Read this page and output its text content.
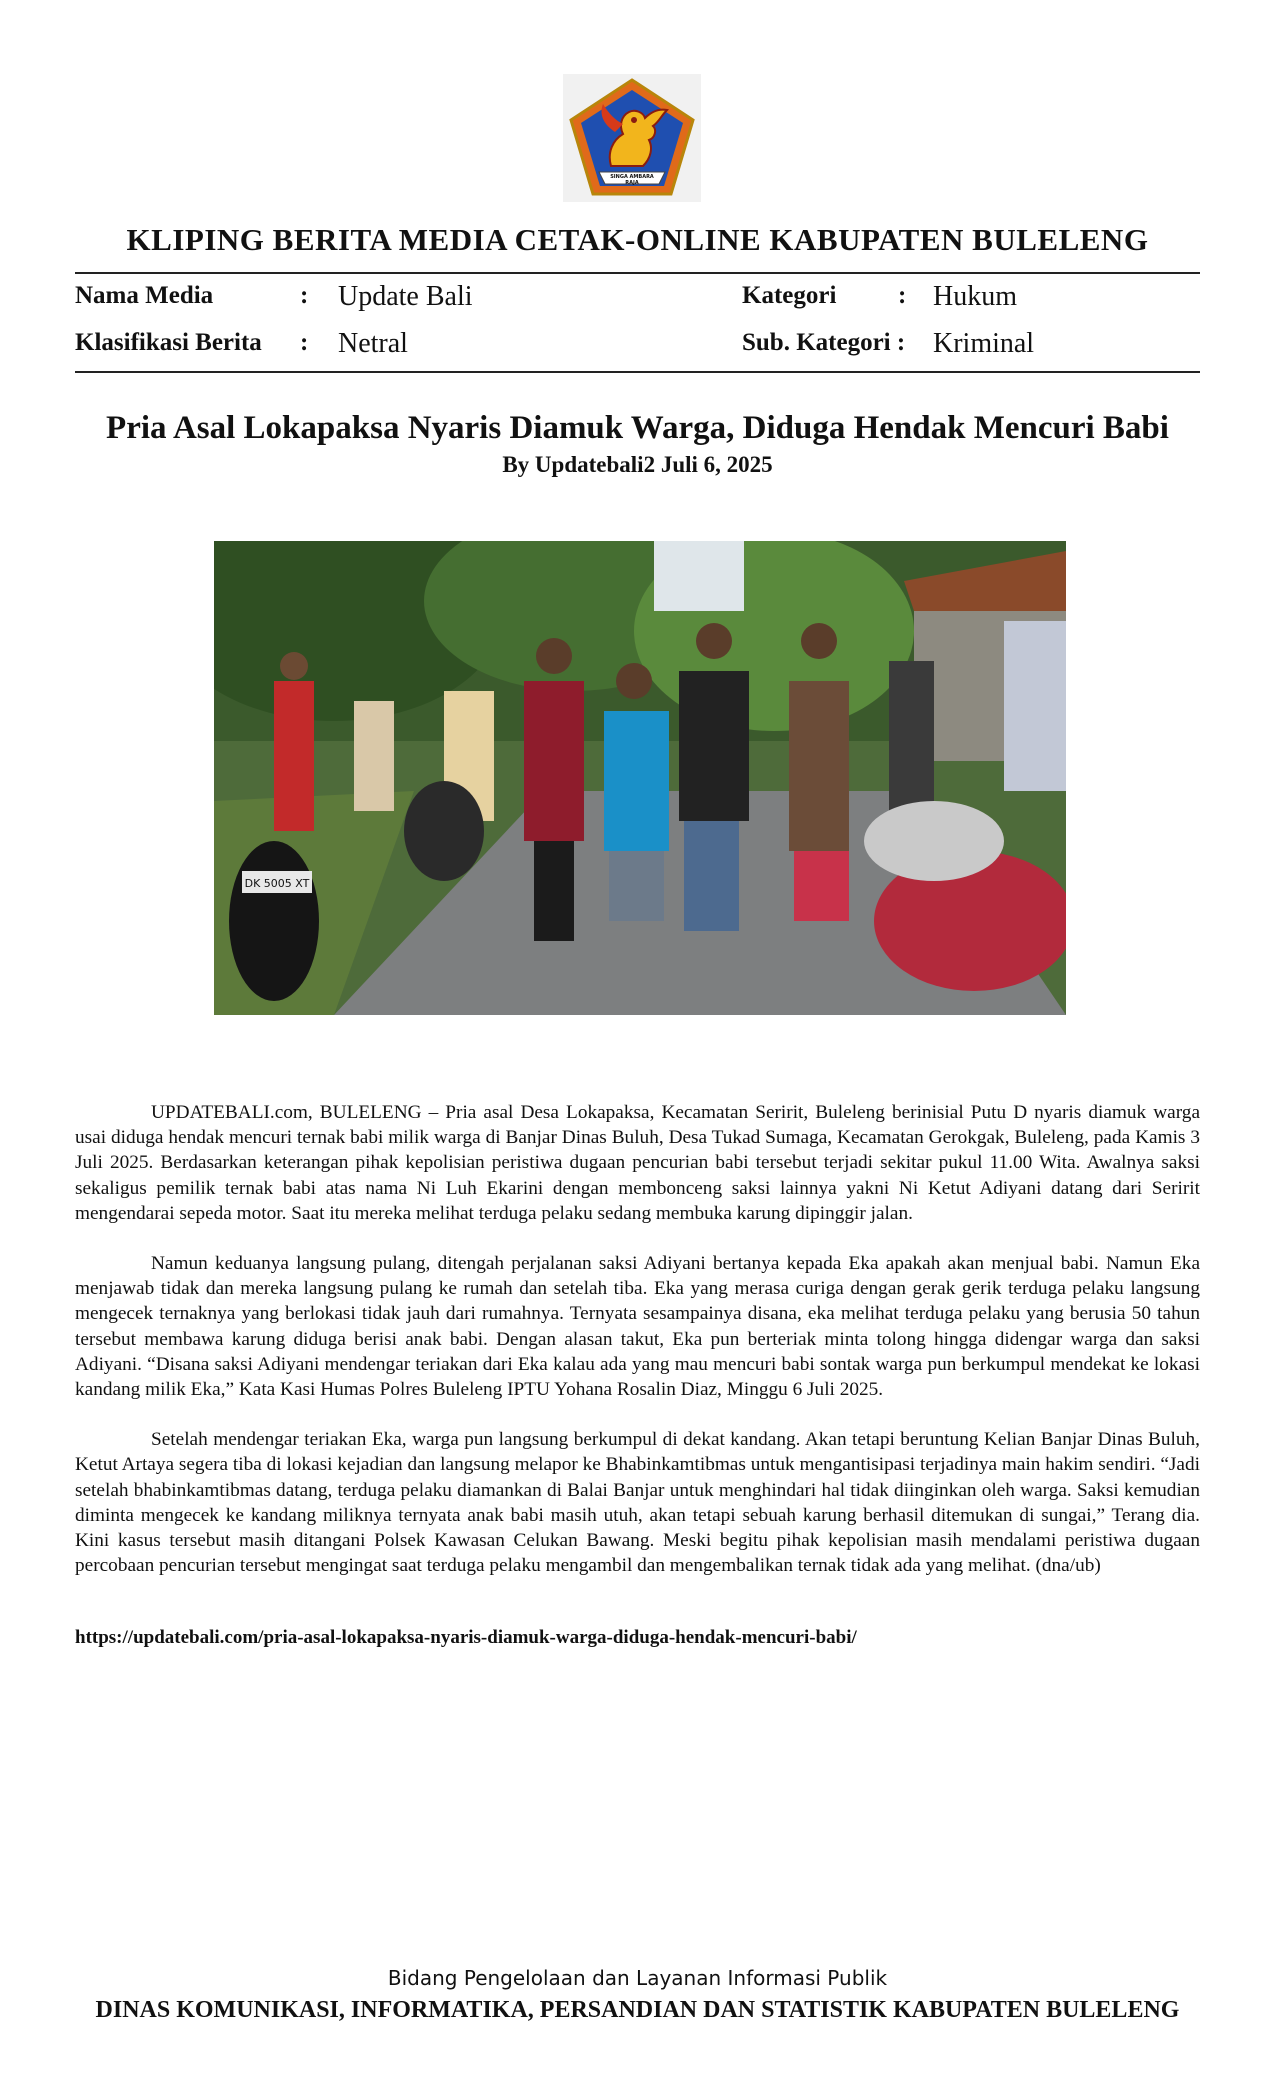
SINGA AMBARA RAJA
KLIPING BERITA MEDIA CETAK-ONLINE KABUPATEN BULELENG
Nama Media	: Update Bali
Klasifikasi Berita : Netral
Kategori : Hukum
Sub. Kategori : Kriminal
Pria Asal Lokapaksa Nyaris Diamuk Warga, Diduga Hendak Mencuri Babi
By Updatebali2 Juli 6, 2025
DK 5005 XT

UPDATEBALI.com, BULELENG – Pria asal Desa Lokapaksa, Kecamatan Seririt, Buleleng berinisial Putu D nyaris diamuk warga usai diduga hendak mencuri ternak babi milik warga di Banjar Dinas Buluh, Desa Tukad Sumaga, Kecamatan Gerokgak, Buleleng, pada Kamis 3 Juli 2025. Berdasarkan keterangan pihak kepolisian peristiwa dugaan pencurian babi tersebut terjadi sekitar pukul 11.00 Wita. Awalnya saksi sekaligus pemilik ternak babi atas nama Ni Luh Ekarini dengan membonceng saksi lainnya yakni Ni Ketut Adiyani datang dari Seririt mengendarai sepeda motor. Saat itu mereka melihat terduga pelaku sedang membuka karung dipinggir jalan.

Namun keduanya langsung pulang, ditengah perjalanan saksi Adiyani bertanya kepada Eka apakah akan menjual babi. Namun Eka menjawab tidak dan mereka langsung pulang ke rumah dan setelah tiba. Eka yang merasa curiga dengan gerak gerik terduga pelaku langsung mengecek ternaknya yang berlokasi tidak jauh dari rumahnya. Ternyata sesampainya disana, eka melihat terduga pelaku yang berusia 50 tahun tersebut membawa karung diduga berisi anak babi. Dengan alasan takut, Eka pun berteriak minta tolong hingga didengar warga dan saksi Adiyani. “Disana saksi Adiyani mendengar teriakan dari Eka kalau ada yang mau mencuri babi sontak warga pun berkumpul mendekat ke lokasi kandang milik Eka,” Kata Kasi Humas Polres Buleleng IPTU Yohana Rosalin Diaz, Minggu 6 Juli 2025.

Setelah mendengar teriakan Eka, warga pun langsung berkumpul di dekat kandang. Akan tetapi beruntung Kelian Banjar Dinas Buluh, Ketut Artaya segera tiba di lokasi kejadian dan langsung melapor ke Bhabinkamtibmas untuk mengantisipasi terjadinya main hakim sendiri. “Jadi setelah bhabinkamtibmas datang, terduga pelaku diamankan di Balai Banjar untuk menghindari hal tidak diinginkan oleh warga. Saksi kemudian diminta mengecek ke kandang miliknya ternyata anak babi masih utuh, akan tetapi sebuah karung berhasil ditemukan di sungai,” Terang dia. Kini kasus tersebut masih ditangani Polsek Kawasan Celukan Bawang. Meski begitu pihak kepolisian masih mendalami peristiwa dugaan percobaan pencurian tersebut mengingat saat terduga pelaku mengambil dan mengembalikan ternak tidak ada yang melihat. (dna/ub)

https://updatebali.com/pria-asal-lokapaksa-nyaris-diamuk-warga-diduga-hendak-mencuri-babi/
Bidang Pengelolaan dan Layanan Informasi Publik
DINAS KOMUNIKASI, INFORMATIKA, PERSANDIAN DAN STATISTIK KABUPATEN BULELENG
